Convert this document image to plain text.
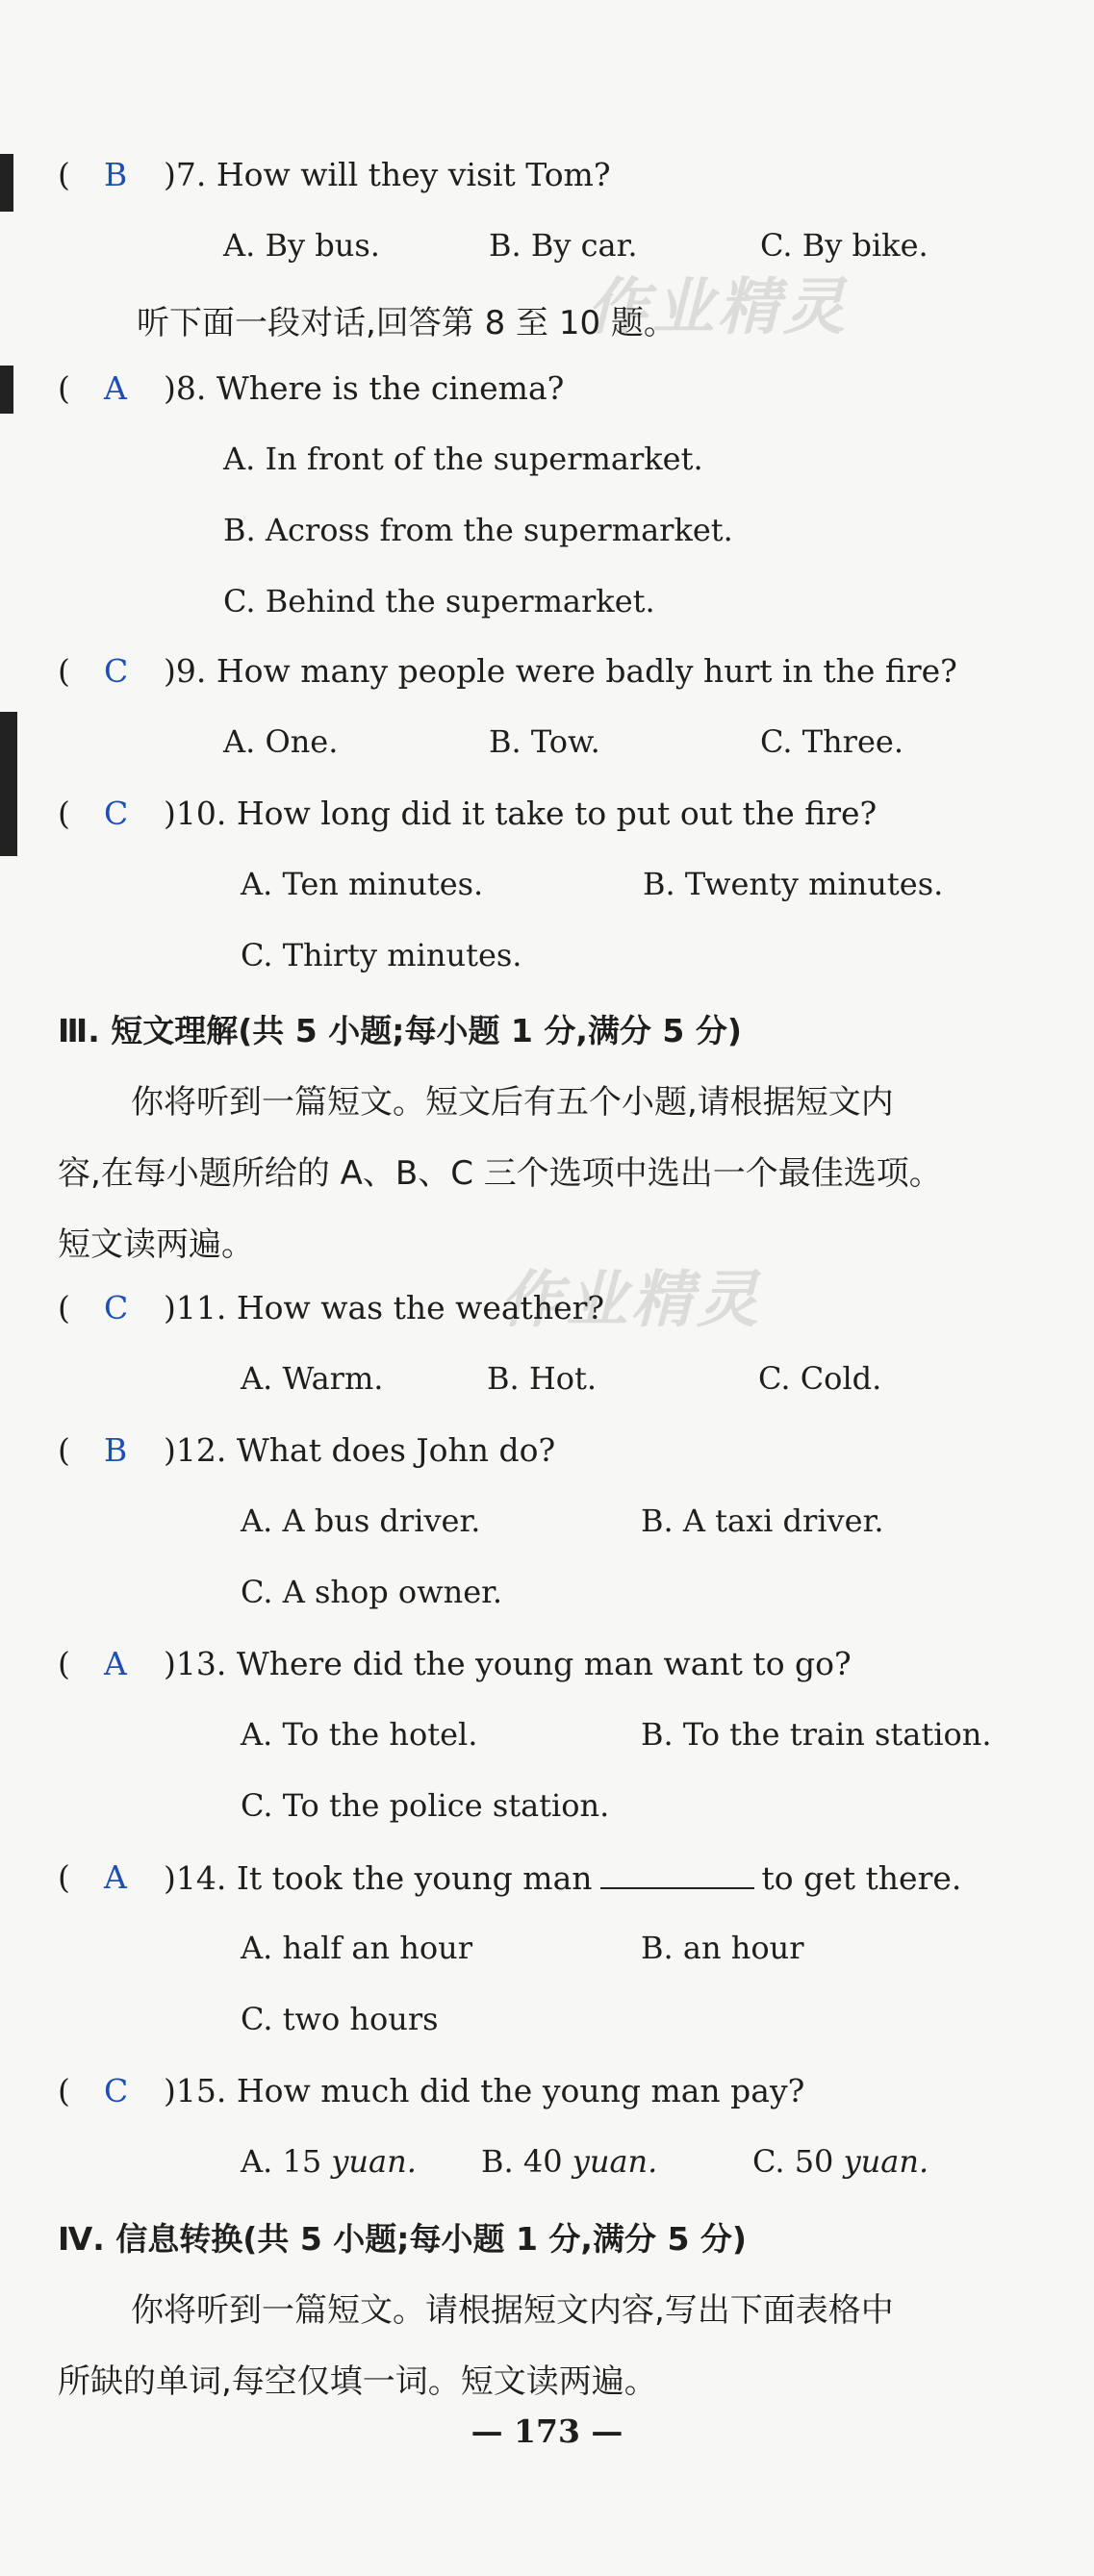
作业精灵
作业精灵
( B )7. How will they visit Tom?
A. By bus.	B. By car.	C. By bike.
听下面一段对话,回答第 8 至 10 题。
( A )8. Where is the cinema?
A. In front of the supermarket.
B. Across from the supermarket.
C. Behind the supermarket.
( C )9. How many people were badly hurt in the fire?
A. One.	B. Tow.	C. Three.
( C )10. How long did it take to put out the fire?
A. Ten minutes.	B. Twenty minutes.
C. Thirty minutes.
Ⅲ. 短文理解(共 5 小题;每小题 1 分,满分 5 分)
你将听到一篇短文。短文后有五个小题,请根据短文内
容,在每小题所给的 A、B、C 三个选项中选出一个最佳选项。
短文读两遍。
( C )11. How was the weather?
A. Warm.	B. Hot.	C. Cold.
( B )12. What does John do?
A. A bus driver.	B. A taxi driver.
C. A shop owner.
( A )13. Where did the young man want to go?
A. To the hotel.	B. To the train station.
C. To the police station.
( A )14. It took the young man	to get there.
A. half an hour	B. an hour
C. two hours
( C )15. How much did the young man pay?
A. 15 yuan. B. 40 yuan.	C. 50 yuan.
Ⅳ. 信息转换(共 5 小题;每小题 1 分,满分 5 分)
你将听到一篇短文。请根据短文内容,写出下面表格中
所缺的单词,每空仅填一词。短文读两遍。
— 173 —
